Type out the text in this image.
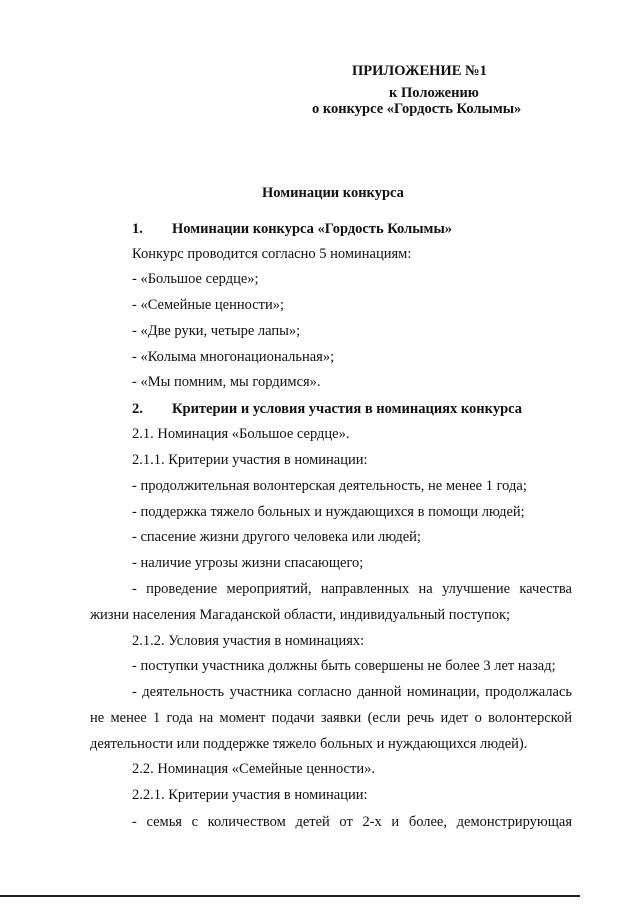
ПРИЛОЖЕНИЕ №1
к Положению
о конкурсе «Гордость Колымы»
Номинации конкурса
1. Номинации конкурса «Гордость Колымы»
Конкурс проводится согласно 5 номинациям:
- «Большое сердце»;
- «Семейные ценности»;
- «Две руки, четыре лапы»;
- «Колыма многонациональная»;
- «Мы помним, мы гордимся».
2. Критерии и условия участия в номинациях конкурса
2.1. Номинация «Большое сердце».
2.1.1. Критерии участия в номинации:
- продолжительная волонтерская деятельность, не менее 1 года;
- поддержка тяжело больных и нуждающихся в помощи людей;
- спасение жизни другого человека или людей;
- наличие угрозы жизни спасающего;
- проведение мероприятий, направленных на улучшение качества
жизни населения Магаданской области, индивидуальный поступок;
2.1.2. Условия участия в номинациях:
- поступки участника должны быть совершены не более 3 лет назад;
- деятельность участника согласно данной номинации, продолжалась
не менее 1 года на момент подачи заявки (если речь идет о волонтерской
деятельности или поддержке тяжело больных и нуждающихся людей).
2.2. Номинация «Семейные ценности».
2.2.1. Критерии участия в номинации:
- семья с количеством детей от 2-х и более, демонстрирующая
